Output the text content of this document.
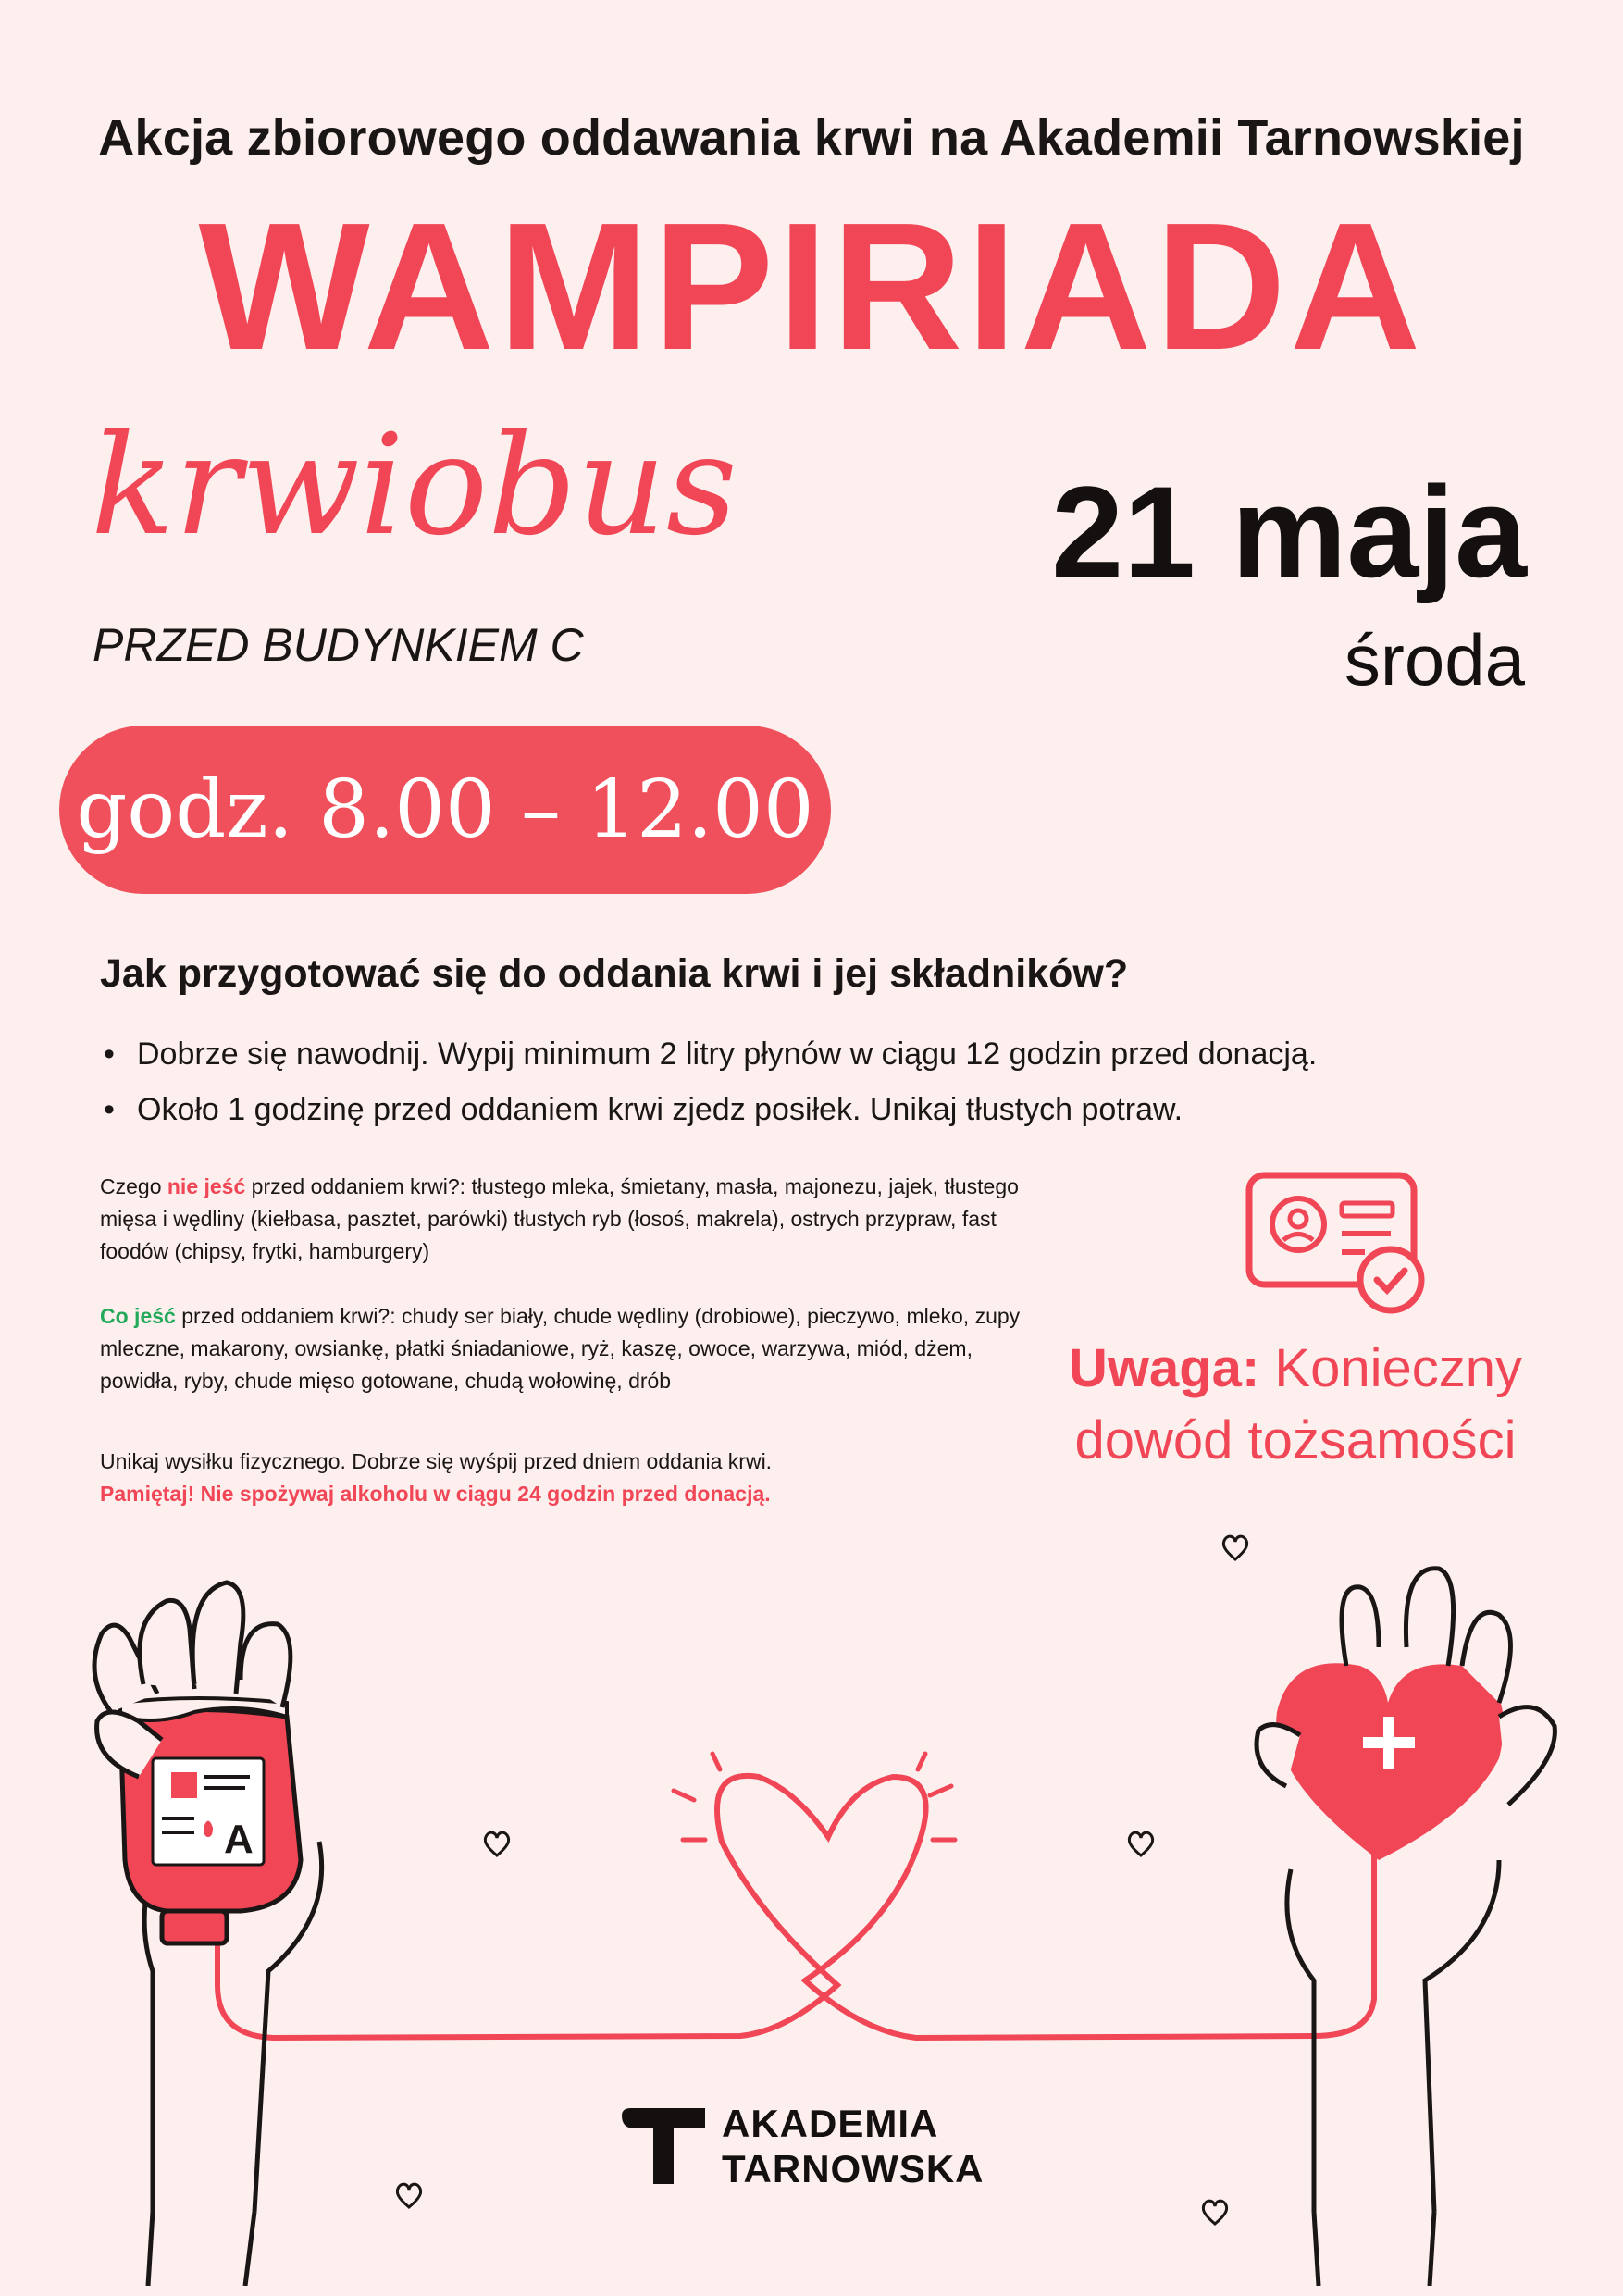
Akcja zbiorowego oddawania krwi na Akademii Tarnowskiej
WAMPIRIADA
krwiobus
PRZED BUDYNKIEM C
21 maja
środa
godz. 8.00 – 12.00
Jak przygotować się do oddania krwi i jej składników?
• Dobrze się nawodnij. Wypij minimum 2 litry płynów w ciągu 12 godzin przed donacją.
• Około 1 godzinę przed oddaniem krwi zjedz posiłek. Unikaj tłustych potraw.
Czego nie jeść przed oddaniem krwi?: tłustego mleka, śmietany, masła, majonezu, jajek, tłustego mięsa i wędliny (kiełbasa, pasztet, parówki) tłustych ryb (łosoś, makrela), ostrych przypraw, fast foodów (chipsy, frytki, hamburgery)
Co jeść przed oddaniem krwi?: chudy ser biały, chude wędliny (drobiowe), pieczywo, mleko, zupy mleczne, makarony, owsiankę, płatki śniadaniowe, ryż, kaszę, owoce, warzywa, miód, dżem, powidła, ryby, chude mięso gotowane, chudą wołowinę, drób
Unikaj wysiłku fizycznego. Dobrze się wyśpij przed dniem oddania krwi.
Pamiętaj! Nie spożywaj alkoholu w ciągu 24 godzin przed donacją.
Uwaga: Konieczny dowód tożsamości
A
AKADEMIA
TARNOWSKA
